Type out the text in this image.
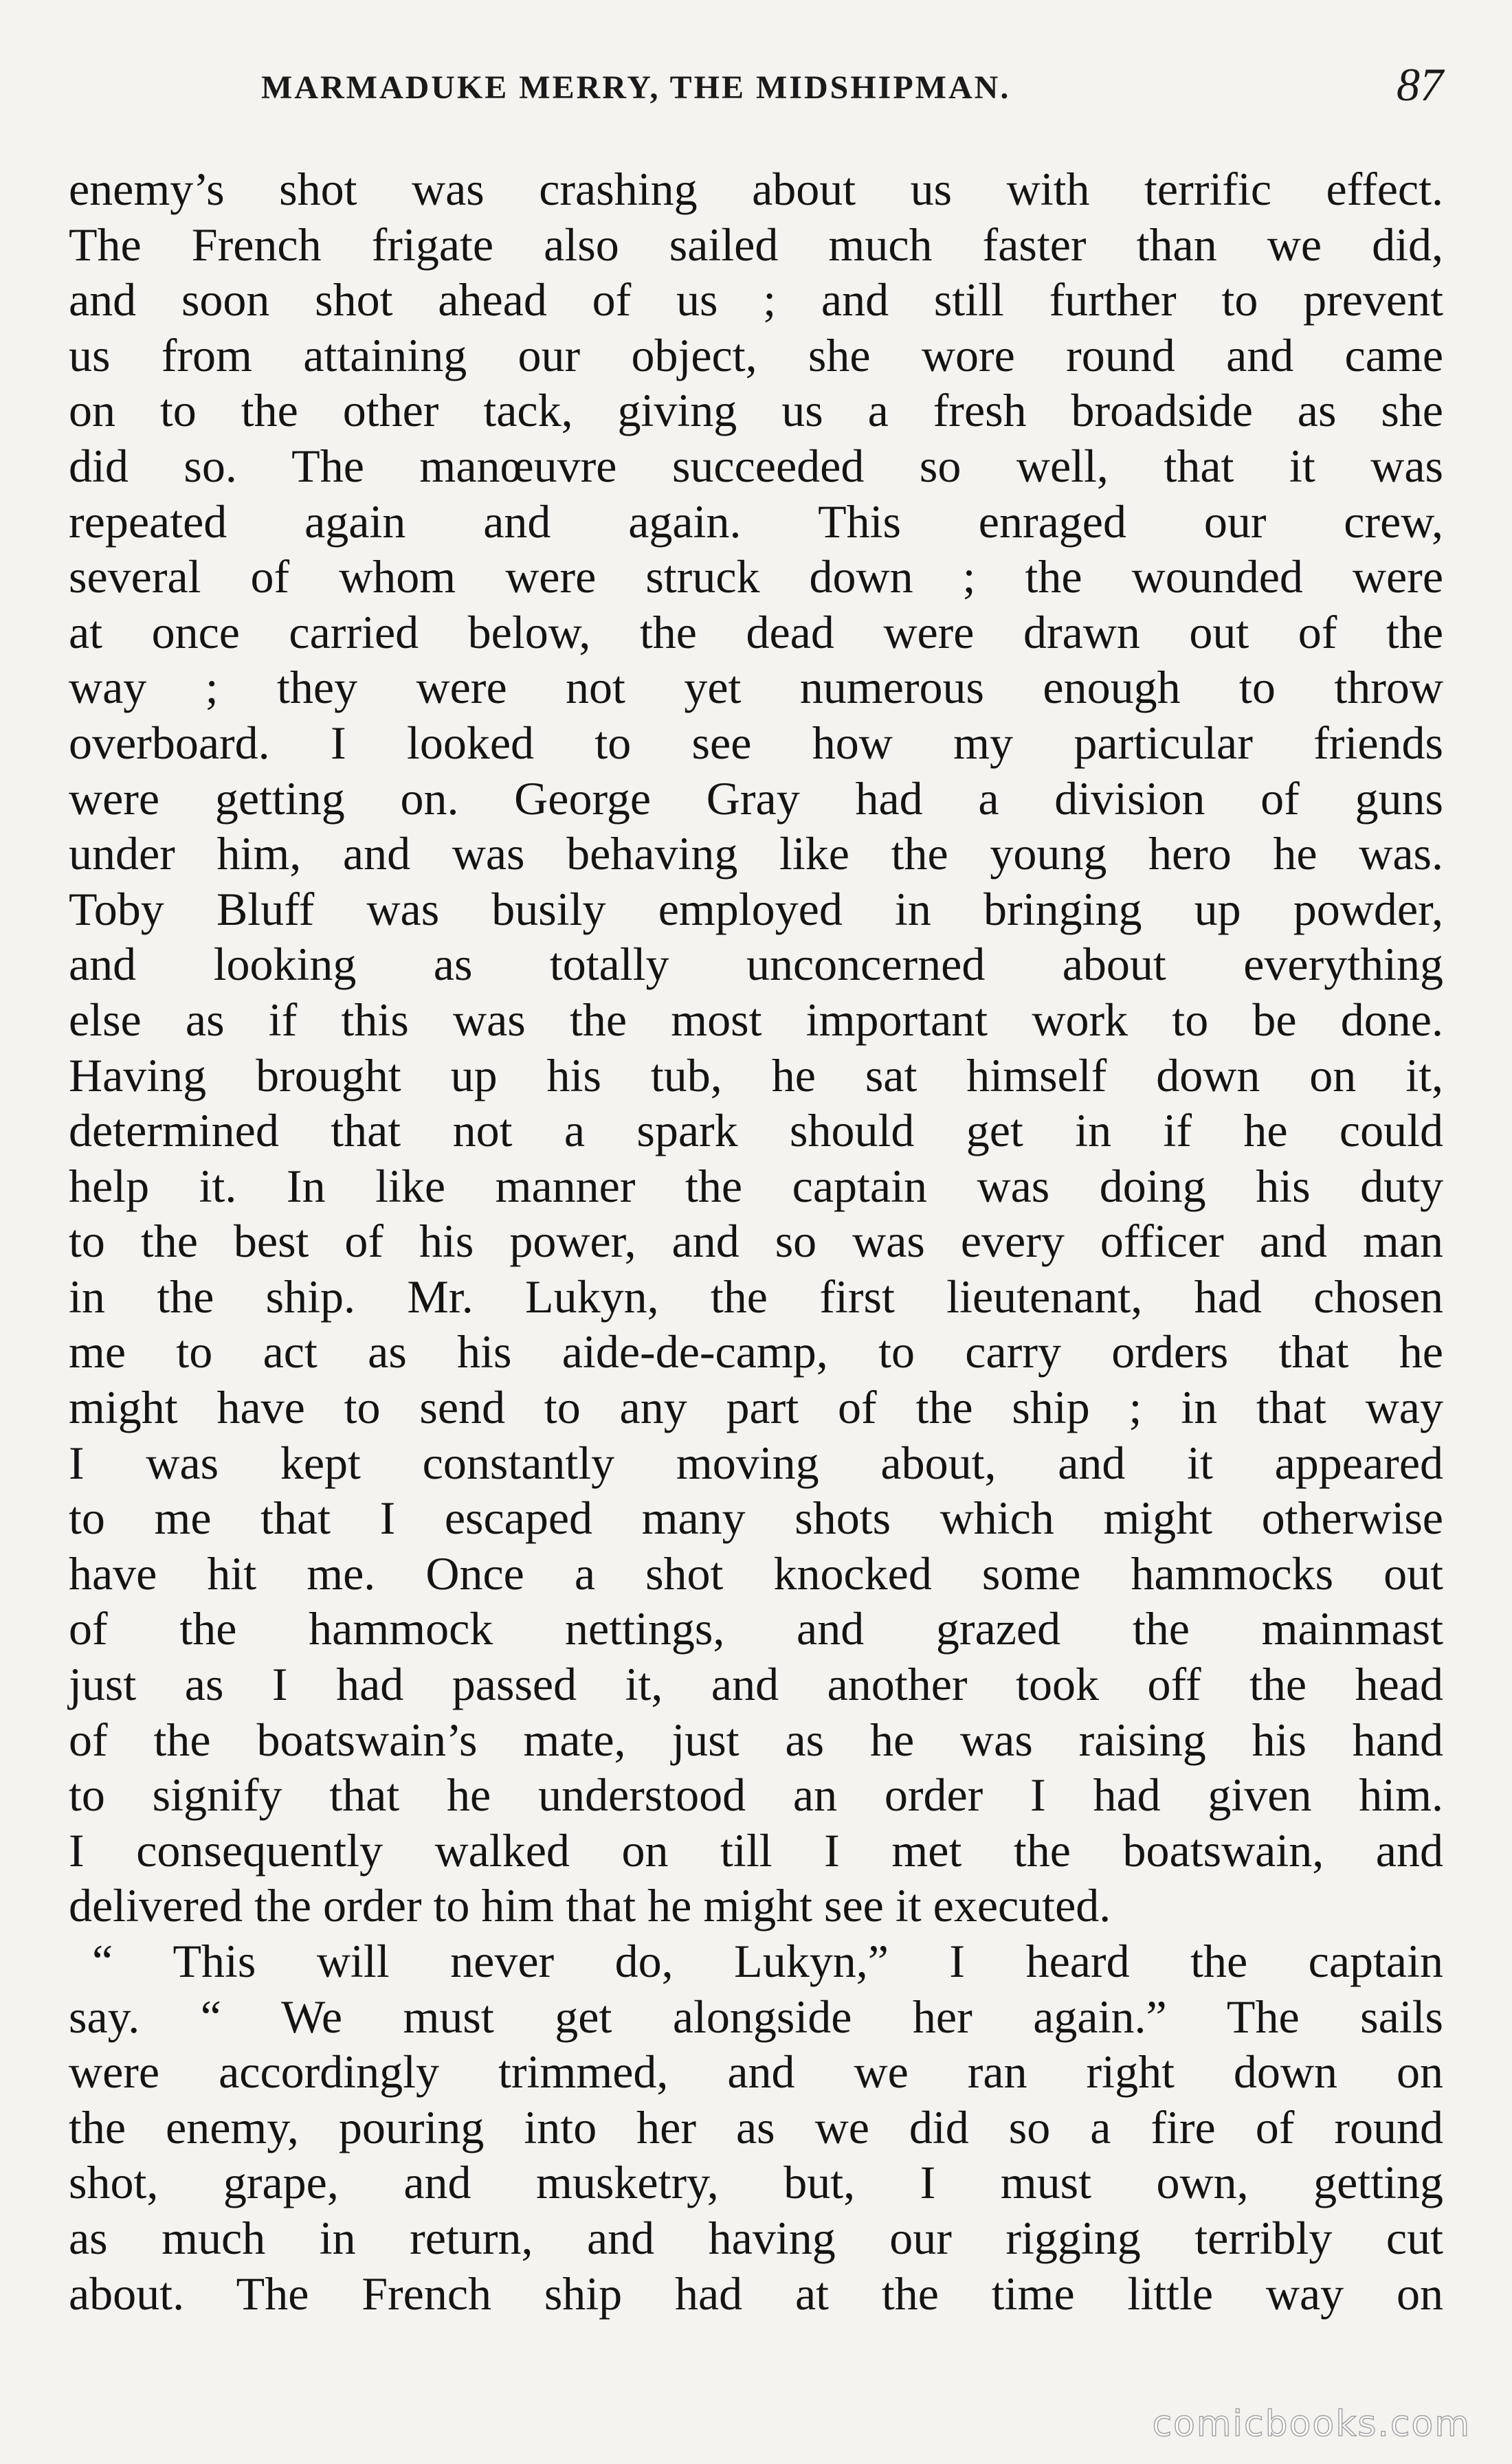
MARMADUKE MERRY, THE MIDSHIPMAN.	87
enemy’s shot was crashing about us with terrific effect.
The French frigate also sailed much faster than we did,
and soon shot ahead of us ; and still further to prevent
us from attaining our object, she wore round and came
on to the other tack, giving us a fresh broadside as she
did so. The manœuvre succeeded so well, that it was
repeated again and again. This enraged our crew,
several of whom were struck down ; the wounded were
at once carried below, the dead were drawn out of the
way ; they were not yet numerous enough to throw
overboard. I looked to see how my particular friends
were getting on. George Gray had a division of guns
under him, and was behaving like the young hero he was.
Toby Bluff was busily employed in bringing up powder,
and looking as totally unconcerned about everything
else as if this was the most important work to be done.
Having brought up his tub, he sat himself down on it,
determined that not a spark should get in if he could
help it. In like manner the captain was doing his duty
to the best of his power, and so was every officer and man
in the ship. Mr. Lukyn, the first lieutenant, had chosen
me to act as his aide-de-camp, to carry orders that he
might have to send to any part of the ship ; in that way
I was kept constantly moving about, and it appeared
to me that I escaped many shots which might otherwise
have hit me. Once a shot knocked some hammocks out
of the hammock nettings, and grazed the mainmast
just as I had passed it, and another took off the head
of the boatswain’s mate, just as he was raising his hand
to signify that he understood an order I had given him.
I consequently walked on till I met the boatswain, and
delivered the order to him that he might see it executed.
“ This will never do, Lukyn,” I heard the captain
say. “ We must get alongside her again.” The sails
were accordingly trimmed, and we ran right down on
the enemy, pouring into her as we did so a fire of round
shot, grape, and musketry, but, I must own, getting
as much in return, and having our rigging terribly cut
about. The French ship had at the time little way on
comicbooks.com
